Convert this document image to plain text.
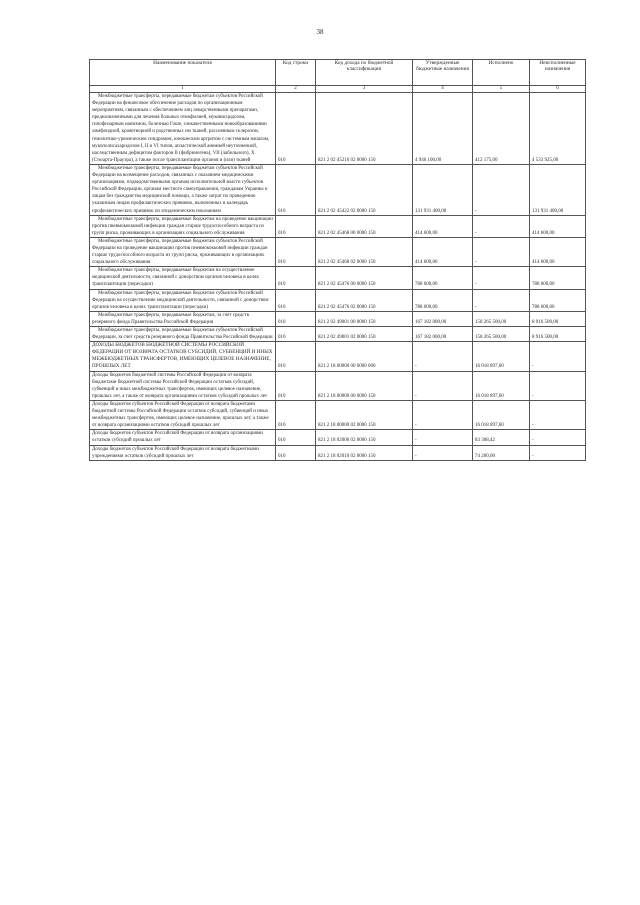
38
Наименование показателя	Код строки	Код дохода по бюджетной классификации	Утвержденные бюджетные назначения	Исполнено	Неисполненные назначения
1	2	3	4	5	6
Межбюджетные трансферты, передаваемые бюджетам субъектов Российской Федерации на финансовое обеспечение расходов по организационным мероприятиям, связанным с обеспечением лиц лекарственными препаратами, предназначенными для лечения больных гемофилией, муковисцидозом, гипофизарным нанизмом, болезнью Гоше, злокачественными новообразованиями лимфоидной, кроветворной и родственных им тканей, рассеянным склерозом, гемолитико-уремическим синдромом, юношеским артритом с системным началом, мукополисахаридозом I, II и VI типов, апластической анемией неуточненной, наследственным дефицитом факторов II (фибриногена), VII (лабильного), X (Стюарта-Прауэра), а также после трансплантации органов и (или) тканей	010	821 2 02 45216 02 0000 150	4 946 100,00	412 175,00	4 533 925,00
Межбюджетные трансферты, передаваемые бюджетам субъектов Российской Федерации на возмещение расходов, связанных с оказанием медицинскими организациями, подведомственными органам исполнительной власти субъектов Российской Федерации, органам местного самоуправления, гражданам Украины и лицам без гражданства медицинской помощи, а также затрат по проведению указанным лицам профилактических прививок, включенных в календарь профилактических прививок по эпидемическим показаниям	010	821 2 02 45422 02 0000 150	131 931 400,00	-	131 931 400,00
Межбюджетные трансферты, передаваемые бюджетам на проведение вакцинации против пневмококковой инфекции граждан старше трудоспособного возраста из групп риска, проживающих в организациях социального обслуживания	010	821 2 02 45468 00 0000 150	414 600,00	-	414 600,00
Межбюджетные трансферты, передаваемые бюджетам субъектов Российской Федерации на проведение вакцинации против пневмококковой инфекции граждан старше трудоспособного возраста из групп риска, проживающих в организациях социального обслуживания	010	821 2 02 45468 02 0000 150	414 600,00	-	414 600,00
Межбюджетные трансферты, передаваемые бюджетам на осуществление медицинской деятельности, связанной с донорством органов человека в целях трансплантации (пересадки)	010	821 2 02 45476 00 0000 150	788 600,00	-	788 600,00
Межбюджетные трансферты, передаваемые бюджетам субъектов Российской Федерации на осуществление медицинской деятельности, связанной с донорством органов человека в целях трансплантации (пересадки)	010	821 2 02 45476 02 0000 150	788 600,00	-	788 600,00
Межбюджетные трансферты, передаваемые бюджетам, за счет средств резервного фонда Правительства Российской Федерации	010	821 2 02 49001 00 0000 150	167 182 000,00	158 265 500,00	8 916 500,00
Межбюджетные трансферты, передаваемые бюджетам субъектов Российской Федерации, за счет средств резервного фонда Правительства Российской Федерации	010	821 2 02 49001 02 0000 150	167 182 000,00	158 265 500,00	8 916 500,00
ДОХОДЫ БЮДЖЕТОВ БЮДЖЕТНОЙ СИСТЕМЫ РОССИЙСКОЙ ФЕДЕРАЦИИ ОТ ВОЗВРАТА ОСТАТКОВ СУБСИДИЙ, СУБВЕНЦИЙ И ИНЫХ МЕЖБЮДЖЕТНЫХ ТРАНСФЕРТОВ, ИМЕЮЩИХ ЦЕЛЕВОЕ НАЗНАЧЕНИЕ, ПРОШЛЫХ ЛЕТ	010	821 2 18 00000 00 0000 000	-	16 018 897,60	-
Доходы бюджетов бюджетной системы Российской Федерации от возврата бюджетами бюджетной системы Российской Федерации остатков субсидий, субвенций и иных межбюджетных трансфертов, имеющих целевое назначение, прошлых лет, а также от возврата организациями остатков субсидий прошлых лет	010	821 2 18 00000 00 0000 150	-	16 018 897,60	-
Доходы бюджетов субъектов Российской Федерации от возврата бюджетами бюджетной системы Российской Федерации остатков субсидий, субвенций и иных межбюджетных трансфертов, имеющих целевое назначение, прошлых лет, а также от возврата организациями остатков субсидий прошлых лет	010	821 2 18 00000 02 0000 150	-	16 018 897,60	-
Доходы бюджетов субъектов Российской Федерации от возврата организациями остатков субсидий прошлых лет	010	821 2 18 02000 02 0000 150	-	83 308,42	-
Доходы бюджетов субъектов Российской Федерации от возврата бюджетными учреждениями остатков субсидий прошлых лет	010	821 2 18 02010 02 0000 150	-	74 200,00	-
